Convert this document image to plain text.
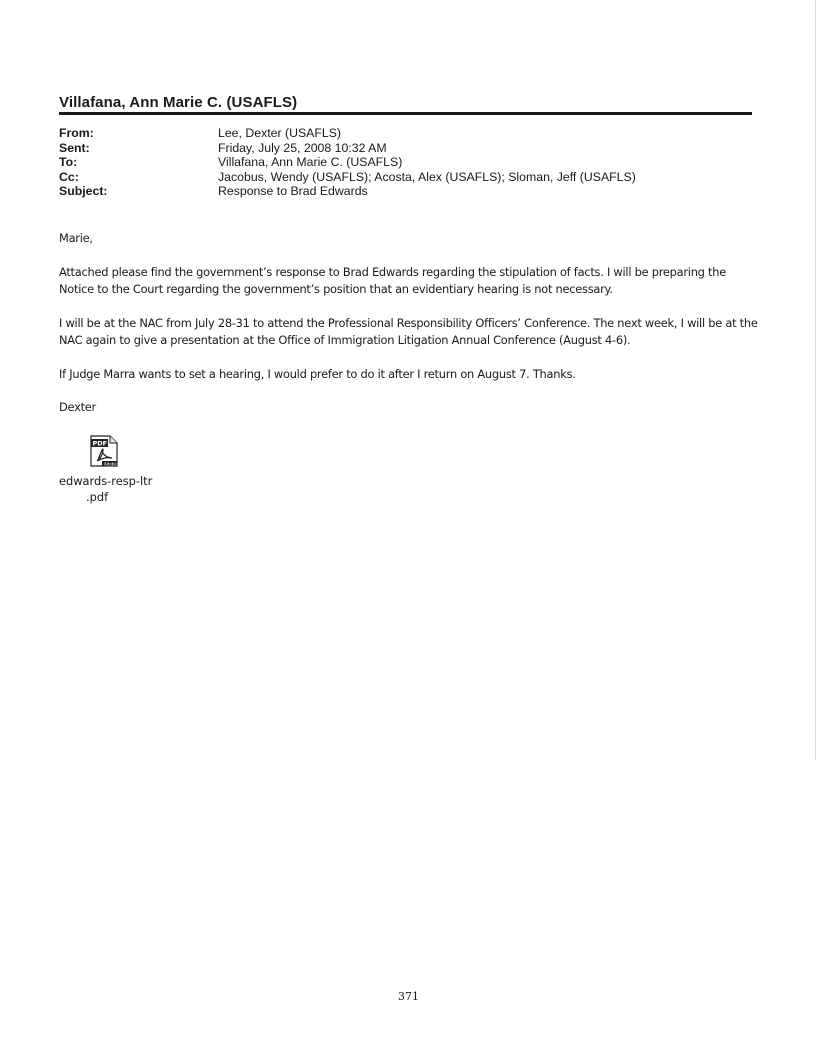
Villafana, Ann Marie C. (USAFLS)
From:	Lee, Dexter (USAFLS)
Sent:	Friday, July 25, 2008 10:32 AM
To:	Villafana, Ann Marie C. (USAFLS)
Cc:	Jacobus, Wendy (USAFLS); Acosta, Alex (USAFLS); Sloman, Jeff (USAFLS)
Subject:	Response to Brad Edwards

Marie,

Attached please find the government’s response to Brad Edwards regarding the stipulation of facts. I will be preparing the Notice to the Court regarding the government’s position that an evidentiary hearing is not necessary.

I will be at the NAC from July 28-31 to attend the Professional Responsibility Officers’ Conference. The next week, I will be at the NAC again to give a presentation at the Office of Immigration Litigation Annual Conference (August 4-6).

If Judge Marra wants to set a hearing, I would prefer to do it after I return on August 7. Thanks.

Dexter

PDF
Adobe
edwards-resp-ltr
.pdf
371
